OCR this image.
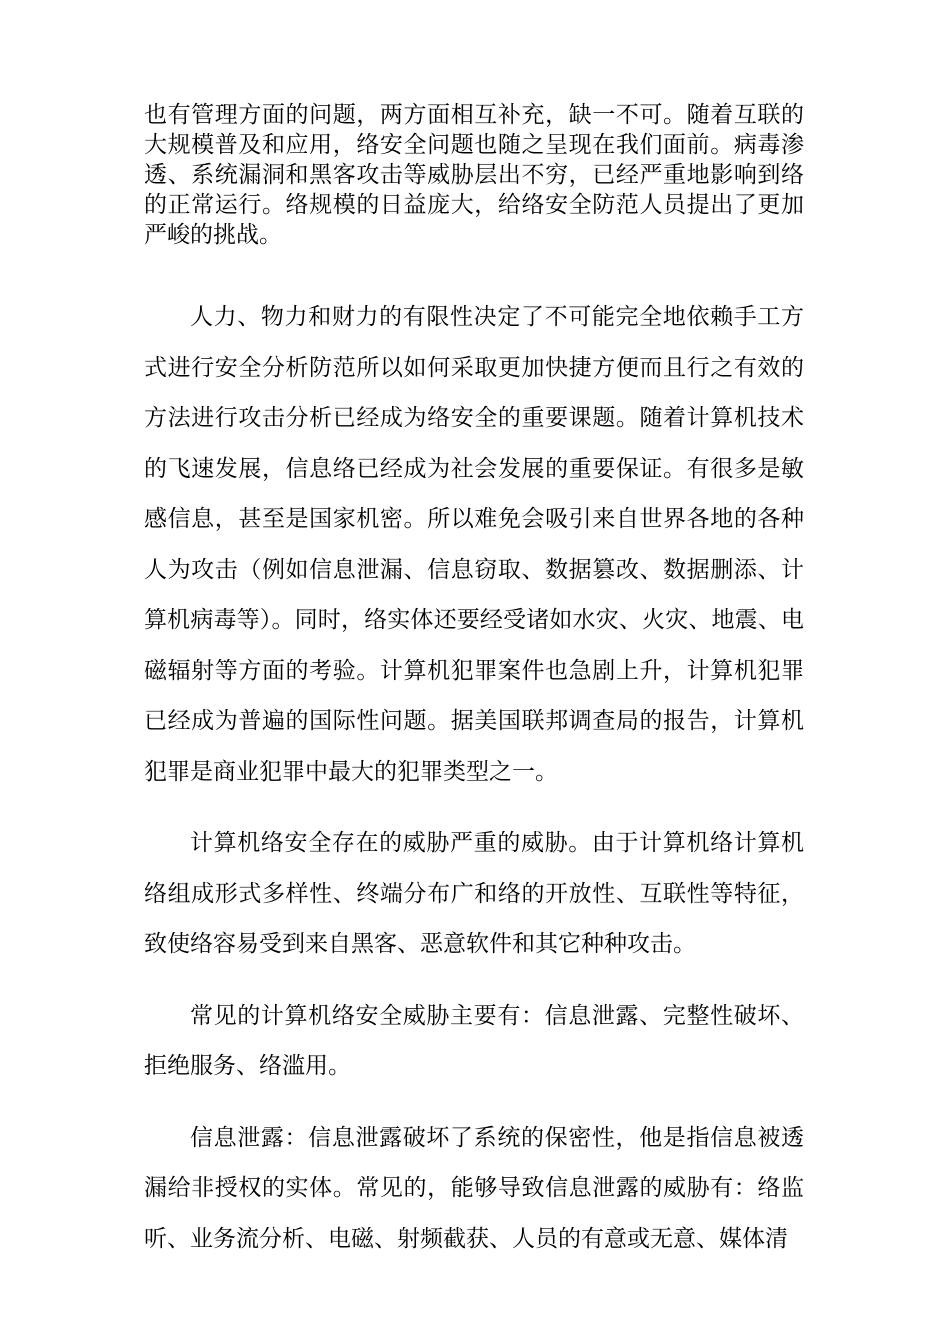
也有管理方面的问题，两方面相互补充，缺一不可。随着互联的大规模普及和应用，络安全问题也随之呈现在我们面前。病毒渗透、系统漏洞和黑客攻击等威胁层出不穷，已经严重地影响到络的正常运行。络规模的日益庞大，给络安全防范人员提出了更加严峻的挑战。

人力、物力和财力的有限性决定了不可能完全地依赖手工方式进行安全分析防范所以如何采取更加快捷方便而且行之有效的方法进行攻击分析已经成为络安全的重要课题。随着计算机技术的飞速发展，信息络已经成为社会发展的重要保证。有很多是敏感信息，甚至是国家机密。所以难免会吸引来自世界各地的各种人为攻击（例如信息泄漏、信息窃取、数据篡改、数据删添、计算机病毒等）。同时，络实体还要经受诸如水灾、火灾、地震、电磁辐射等方面的考验。计算机犯罪案件也急剧上升，计算机犯罪已经成为普遍的国际性问题。据美国联邦调查局的报告，计算机犯罪是商业犯罪中最大的犯罪类型之一。

计算机络安全存在的威胁严重的威胁。由于计算机络计算机络组成形式多样性、终端分布广和络的开放性、互联性等特征，致使络容易受到来自黑客、恶意软件和其它种种攻击。

常见的计算机络安全威胁主要有：信息泄露、完整性破坏、拒绝服务、络滥用。

信息泄露：信息泄露破坏了系统的保密性，他是指信息被透漏给非授权的实体。常见的，能够导致信息泄露的威胁有：络监听、业务流分析、电磁、射频截获、人员的有意或无意、媒体清
